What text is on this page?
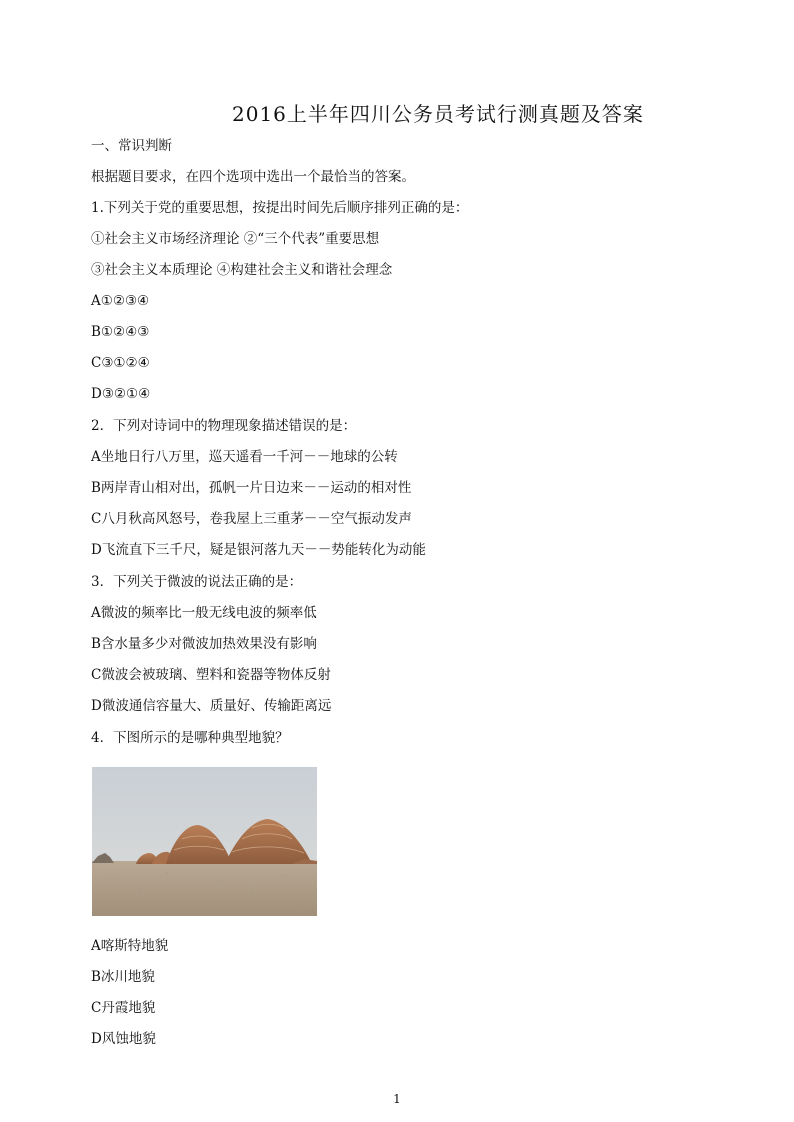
2016上半年四川公务员考试行测真题及答案
一、常识判断
根据题目要求，在四个选项中选出一个最恰当的答案。
1.下列关于党的重要思想，按提出时间先后顺序排列正确的是：
①社会主义市场经济理论 ②“三个代表”重要思想
③社会主义本质理论 ④构建社会主义和谐社会理念
A①②③④
B①②④③
C③①②④
D③②①④
2．下列对诗词中的物理现象描述错误的是：
A坐地日行八万里，巡天遥看一千河－－地球的公转
B两岸青山相对出，孤帆一片日边来－－运动的相对性
C八月秋高风怒号，卷我屋上三重茅－－空气振动发声
D飞流直下三千尺，疑是银河落九天－－势能转化为动能
3．下列关于微波的说法正确的是：
A微波的频率比一般无线电波的频率低
B含水量多少对微波加热效果没有影响
C微波会被玻璃、塑料和瓷器等物体反射
D微波通信容量大、质量好、传输距离远
4．下图所示的是哪种典型地貌？
A喀斯特地貌
B冰川地貌
C丹霞地貌
D风蚀地貌
1
